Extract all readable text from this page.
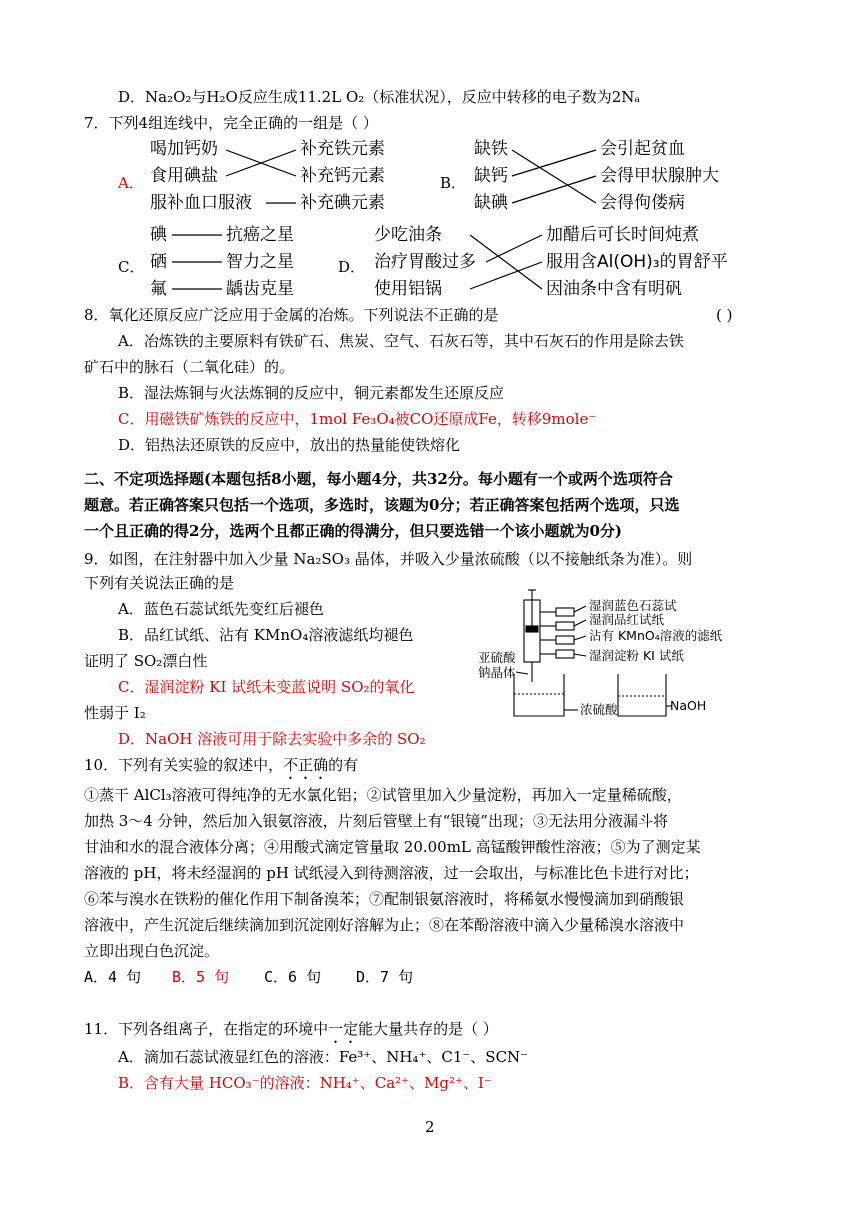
D．Na₂O₂与H₂O反应生成11.2L O₂（标准状况），反应中转移的电子数为2Nₐ
7．下列4组连线中，完全正确的一组是（ ）
A．
喝加钙奶
食用碘盐
服补血口服液
补充铁元素
补充钙元素
补充碘元素
B．
缺铁
缺钙
缺碘
会引起贫血
会得甲状腺肿大
会得佝偻病
C．
碘
硒
氟
抗癌之星
智力之星
龋齿克星
D．
少吃油条
治疗胃酸过多
使用铝锅
加醋后可长时间炖煮
服用含Al(OH)₃的胃舒平
因油条中含有明矾
8．氧化还原反应广泛应用于金属的冶炼。下列说法不正确的是	( )
A．冶炼铁的主要原料有铁矿石、焦炭、空气、石灰石等，其中石灰石的作用是除去铁
矿石中的脉石（二氧化硅）的。
B．湿法炼铜与火法炼铜的反应中，铜元素都发生还原反应
C．用磁铁矿炼铁的反应中，1mol Fe₃O₄被CO还原成Fe，转移9mole⁻
D．铝热法还原铁的反应中，放出的热量能使铁熔化
二、不定项选择题(本题包括8小题，每小题4分，共32分。每小题有一个或两个选项符合
题意。若正确答案只包括一个选项，多选时，该题为0分；若正确答案包括两个选项，只选
一个且正确的得2分，选两个且都正确的得满分，但只要选错一个该小题就为0分)
9．如图，在注射器中加入少量 Na₂SO₃ 晶体，并吸入少量浓硫酸（以不接触纸条为准）。则
下列有关说法正确的是
A．蓝色石蕊试纸先变红后褪色
B．品红试纸、沾有 KMnO₄溶液滤纸均褪色
证明了 SO₂漂白性
C．湿润淀粉 KI 试纸未变蓝说明 SO₂的氧化
性弱于 I₂
D．NaOH 溶液可用于除去实验中多余的 SO₂
湿润蓝色石蕊试
湿润品红试纸
沾有 KMnO₄溶液的滤纸
湿润淀粉 KI 试纸
亚硫酸
钠晶体
浓硫酸	NaOH
10．下列有关实验的叙述中，不正确的有
①蒸干 AlCl₃溶液可得纯净的无水氯化铝；②试管里加入少量淀粉，再加入一定量稀硫酸，
加热 3～4 分钟，然后加入银氨溶液，片刻后管壁上有“银镜”出现；③无法用分液漏斗将
甘油和水的混合液体分离；④用酸式滴定管量取 20.00mL 高锰酸钾酸性溶液；⑤为了测定某
溶液的 pH，将未经湿润的 pH 试纸浸入到待测溶液，过一会取出，与标准比色卡进行对比；
⑥苯与溴水在铁粉的催化作用下制备溴苯；⑦配制银氨溶液时，将稀氨水慢慢滴加到硝酸银
溶液中，产生沉淀后继续滴加到沉淀刚好溶解为止；⑧在苯酚溶液中滴入少量稀溴水溶液中
立即出现白色沉淀。
A．4 句 B．5 句 C．6 句 D．7 句
11．下列各组离子，在指定的环境中一定能大量共存的是（ ）
A．滴加石蕊试液显红色的溶液：Fe³⁺、NH₄⁺、C1⁻、SCN⁻
B．含有大量 HCO₃⁻的溶液：NH₄⁺、Ca²⁺、Mg²⁺、I⁻
2
